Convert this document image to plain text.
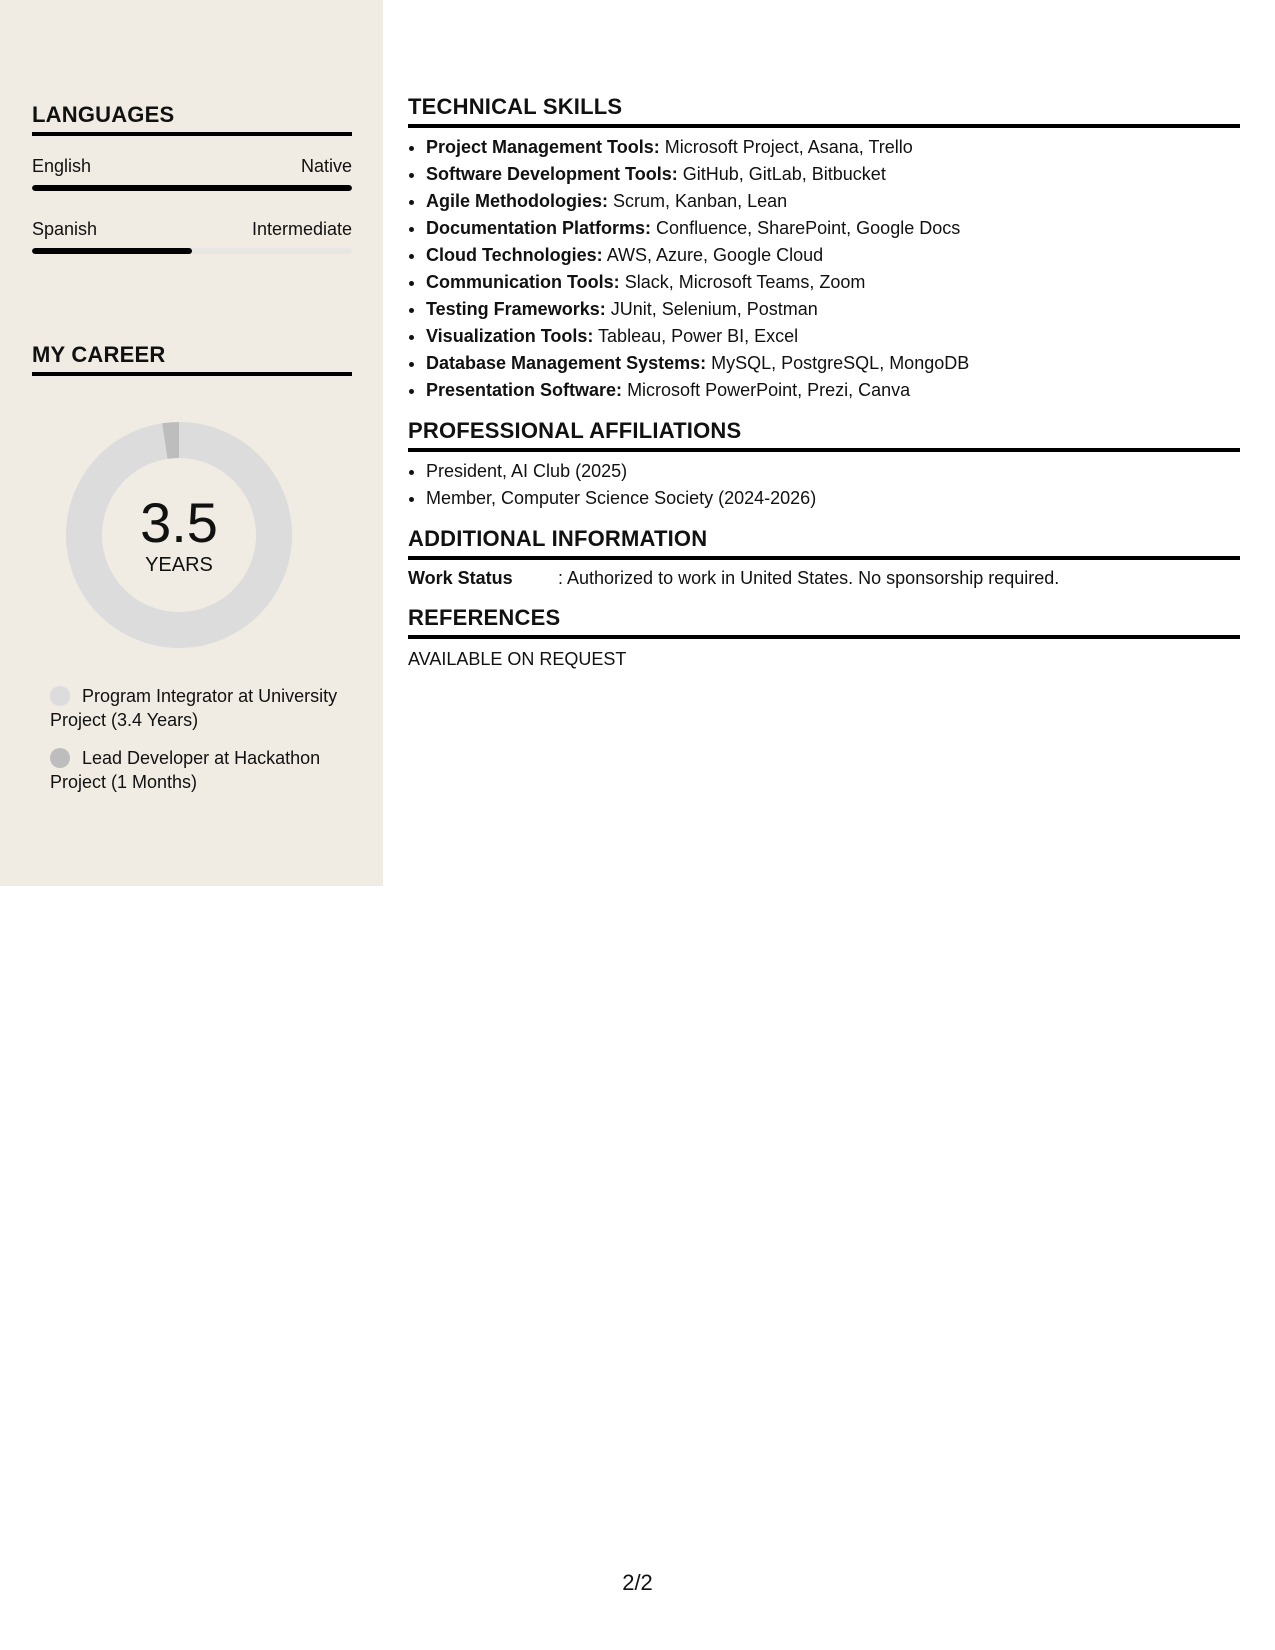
LANGUAGES
English	Native
Spanish	Intermediate
MY CAREER
3.5
YEARS
Program Integrator at University Project (3.4 Years)
Lead Developer at Hackathon Project (1 Months)
TECHNICAL SKILLS
• Project Management Tools: Microsoft Project, Asana, Trello
• Software Development Tools: GitHub, GitLab, Bitbucket
• Agile Methodologies: Scrum, Kanban, Lean
• Documentation Platforms: Confluence, SharePoint, Google Docs
• Cloud Technologies: AWS, Azure, Google Cloud
• Communication Tools: Slack, Microsoft Teams, Zoom
• Testing Frameworks: JUnit, Selenium, Postman
• Visualization Tools: Tableau, Power BI, Excel
• Database Management Systems: MySQL, PostgreSQL, MongoDB
• Presentation Software: Microsoft PowerPoint, Prezi, Canva
PROFESSIONAL AFFILIATIONS
• President, AI Club (2025)
• Member, Computer Science Society (2024-2026)
ADDITIONAL INFORMATION
Work Status	: Authorized to work in United States. No sponsorship required.
REFERENCES
AVAILABLE ON REQUEST
2/2
